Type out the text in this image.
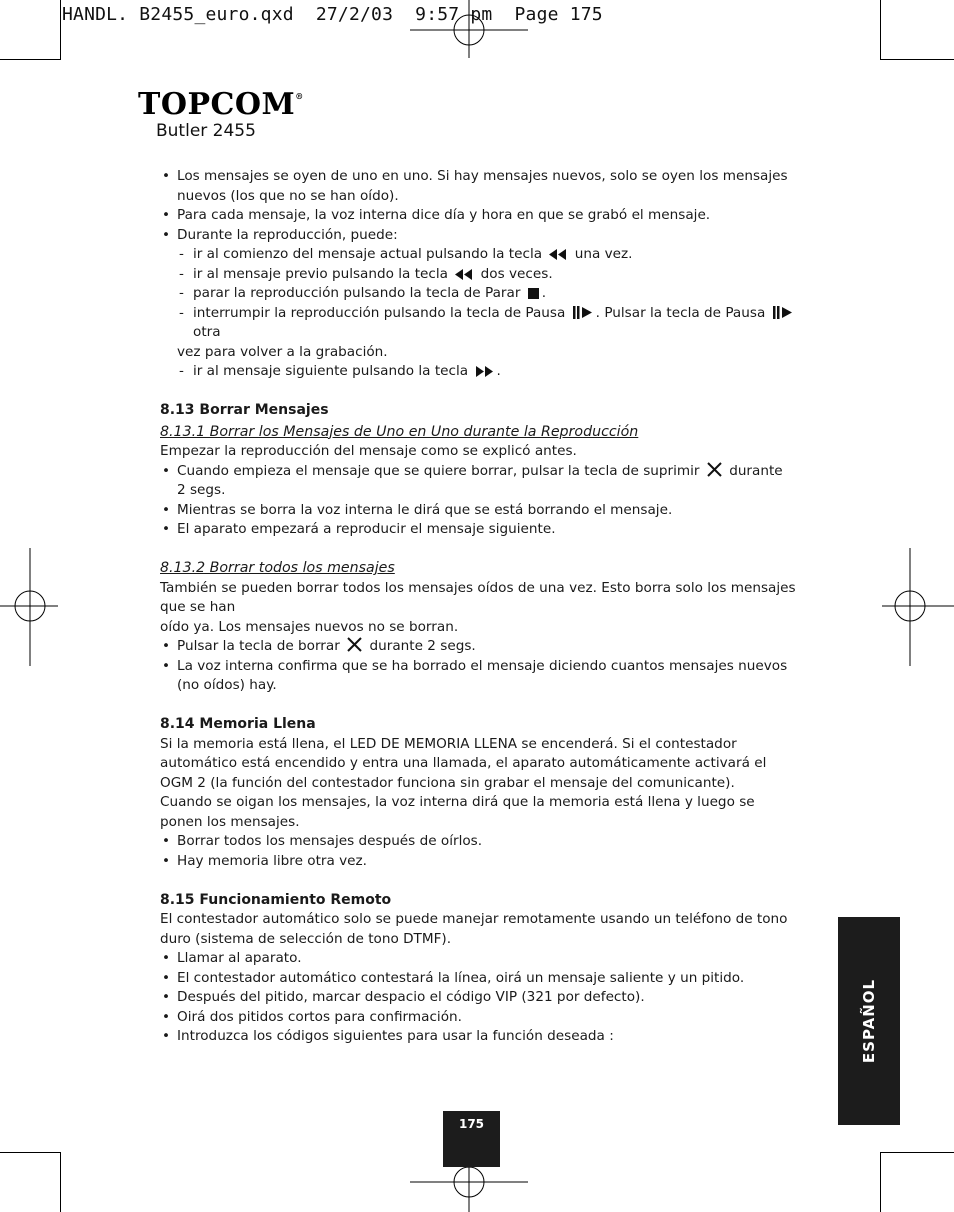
HANDL. B2455_euro.qxd  27/2/03  9:57 pm  Page 175
TOPCOM®
Butler 2455

• Los mensajes se oyen de uno en uno. Si hay mensajes nuevos, solo se oyen los mensajes nuevos (los que no se han oído).

• Para cada mensaje, la voz interna dice día y hora en que se grabó el mensaje.

• Durante la reproducción, puede:

- ir al comienzo del mensaje actual pulsando la tecla una vez.

- ir al mensaje previo pulsando la tecla dos veces.

- parar la reproducción pulsando la tecla de Parar .

- interrumpir la reproducción pulsando la tecla de Pausa . Pulsar la tecla de Pausa  otra

vez para volver a la grabación.

- ir al mensaje siguiente pulsando la tecla .

8.13 Borrar Mensajes

8.13.1 Borrar los Mensajes de Uno en Uno durante la Reproducción

Empezar la reproducción del mensaje como se explicó antes.

• Cuando empieza el mensaje que se quiere borrar, pulsar la tecla de suprimir durante
2 segs.

• Mientras se borra la voz interna le dirá que se está borrando el mensaje.

• El aparato empezará a reproducir el mensaje siguiente.

8.13.2 Borrar todos los mensajes

También se pueden borrar todos los mensajes oídos de una vez. Esto borra solo los mensajes que se han

oído ya. Los mensajes nuevos no se borran.

• Pulsar la tecla de borrar durante 2 segs.

• La voz interna confirma que se ha borrado el mensaje diciendo cuantos mensajes nuevos (no oídos) hay.

8.14 Memoria Llena

Si la memoria está llena, el LED DE MEMORIA LLENA se encenderá. Si el contestador automático está encendido y entra una llamada, el aparato automáticamente activará el OGM 2 (la función del contestador funciona sin grabar el mensaje del comunicante).

Cuando se oigan los mensajes, la voz interna dirá que la memoria está llena y luego se ponen los mensajes.

• Borrar todos los mensajes después de oírlos.

• Hay memoria libre otra vez.

8.15 Funcionamiento Remoto

El contestador automático solo se puede manejar remotamente usando un teléfono de tono duro (sistema de selección de tono DTMF).

• Llamar al aparato.

• El contestador automático contestará la línea, oirá un mensaje saliente y un pitido.

• Después del pitido, marcar despacio el código VIP (321 por defecto).

• Oirá dos pitidos cortos para confirmación.

• Introduzca los códigos siguientes para usar la función deseada :	ESPAÑOL
175
